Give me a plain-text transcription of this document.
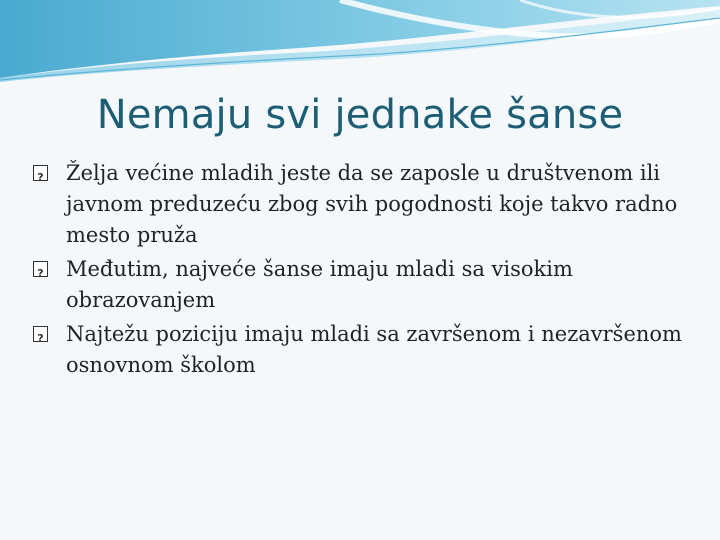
Nemaju svi jednake šanse
?
Želja većine mladih jeste da se zaposle u društvenom ili javnom preduzeću zbog svih pogodnosti koje takvo radno mesto pruža
?
Međutim, najveće šanse imaju mladi sa visokim obrazovanjem
?
Najtežu poziciju imaju mladi sa završenom i nezavršenom osnovnom školom
